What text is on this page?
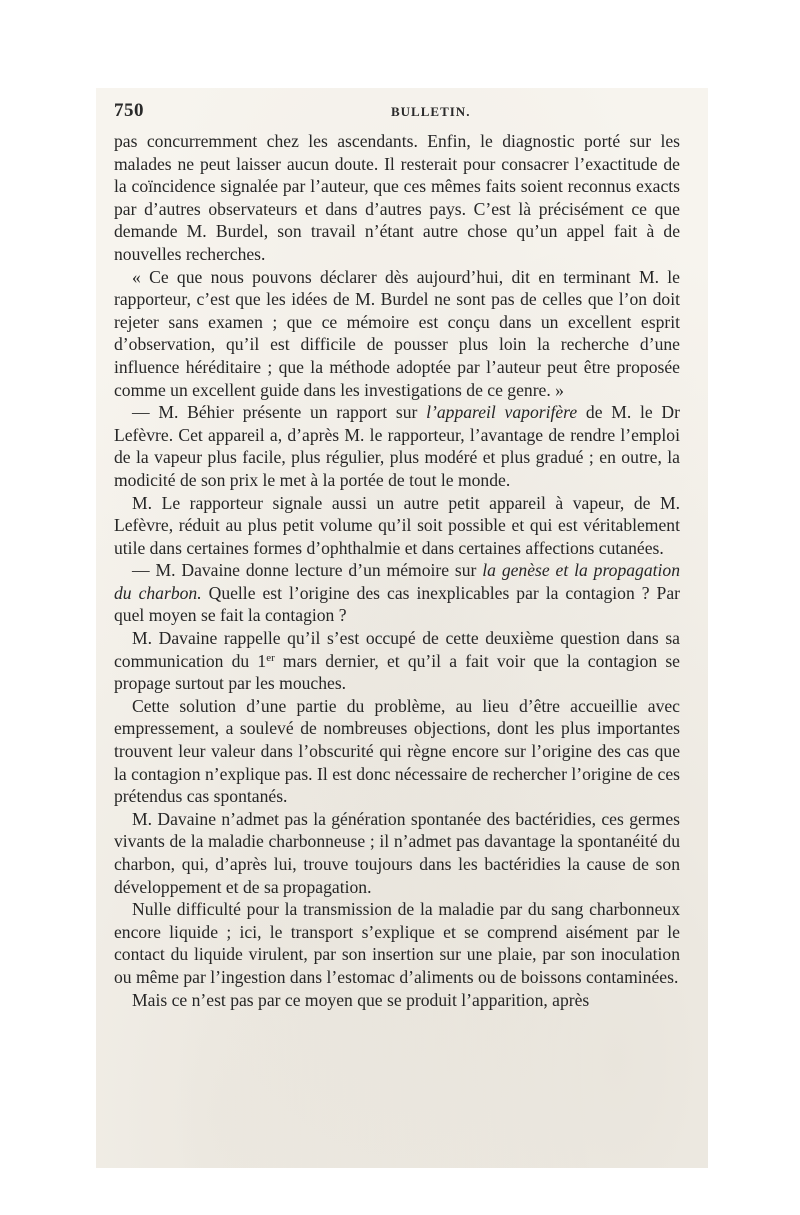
750	BULLETIN.

pas concurremment chez les ascendants. Enfin, le diagnostic porté sur les malades ne peut laisser aucun doute. Il resterait pour consacrer l’exactitude de la coïncidence signalée par l’auteur, que ces mêmes faits soient reconnus exacts par d’autres observateurs et dans d’autres pays. C’est là précisément ce que demande M. Burdel, son travail n’étant autre chose qu’un appel fait à de nouvelles recherches.

« Ce que nous pouvons déclarer dès aujourd’hui, dit en terminant M. le rapporteur, c’est que les idées de M. Burdel ne sont pas de celles que l’on doit rejeter sans examen ; que ce mémoire est conçu dans un excellent esprit d’observation, qu’il est difficile de pousser plus loin la recherche d’une influence héréditaire ; que la méthode adoptée par l’auteur peut être proposée comme un excellent guide dans les investigations de ce genre. »

— M. Béhier présente un rapport sur l’appareil vaporifère de M. le Dr Lefèvre. Cet appareil a, d’après M. le rapporteur, l’avantage de rendre l’emploi de la vapeur plus facile, plus régulier, plus modéré et plus gradué ; en outre, la modicité de son prix le met à la portée de tout le monde.

M. Le rapporteur signale aussi un autre petit appareil à vapeur, de M. Lefèvre, réduit au plus petit volume qu’il soit possible et qui est véritablement utile dans certaines formes d’ophthalmie et dans certaines affections cutanées.

— M. Davaine donne lecture d’un mémoire sur la genèse et la propagation du charbon. Quelle est l’origine des cas inexplicables par la contagion ? Par quel moyen se fait la contagion ?

M. Davaine rappelle qu’il s’est occupé de cette deuxième question dans sa communication du 1er mars dernier, et qu’il a fait voir que la contagion se propage surtout par les mouches.

Cette solution d’une partie du problème, au lieu d’être accueillie avec empressement, a soulevé de nombreuses objections, dont les plus importantes trouvent leur valeur dans l’obscurité qui règne encore sur l’origine des cas que la contagion n’explique pas. Il est donc nécessaire de rechercher l’origine de ces prétendus cas spontanés.

M. Davaine n’admet pas la génération spontanée des bactéridies, ces germes vivants de la maladie charbonneuse ; il n’admet pas davantage la spontanéité du charbon, qui, d’après lui, trouve toujours dans les bactéridies la cause de son développement et de sa propagation.

Nulle difficulté pour la transmission de la maladie par du sang charbonneux encore liquide ; ici, le transport s’explique et se comprend aisément par le contact du liquide virulent, par son insertion sur une plaie, par son inoculation ou même par l’ingestion dans l’estomac d’aliments ou de boissons contaminées.

Mais ce n’est pas par ce moyen que se produit l’apparition, après
